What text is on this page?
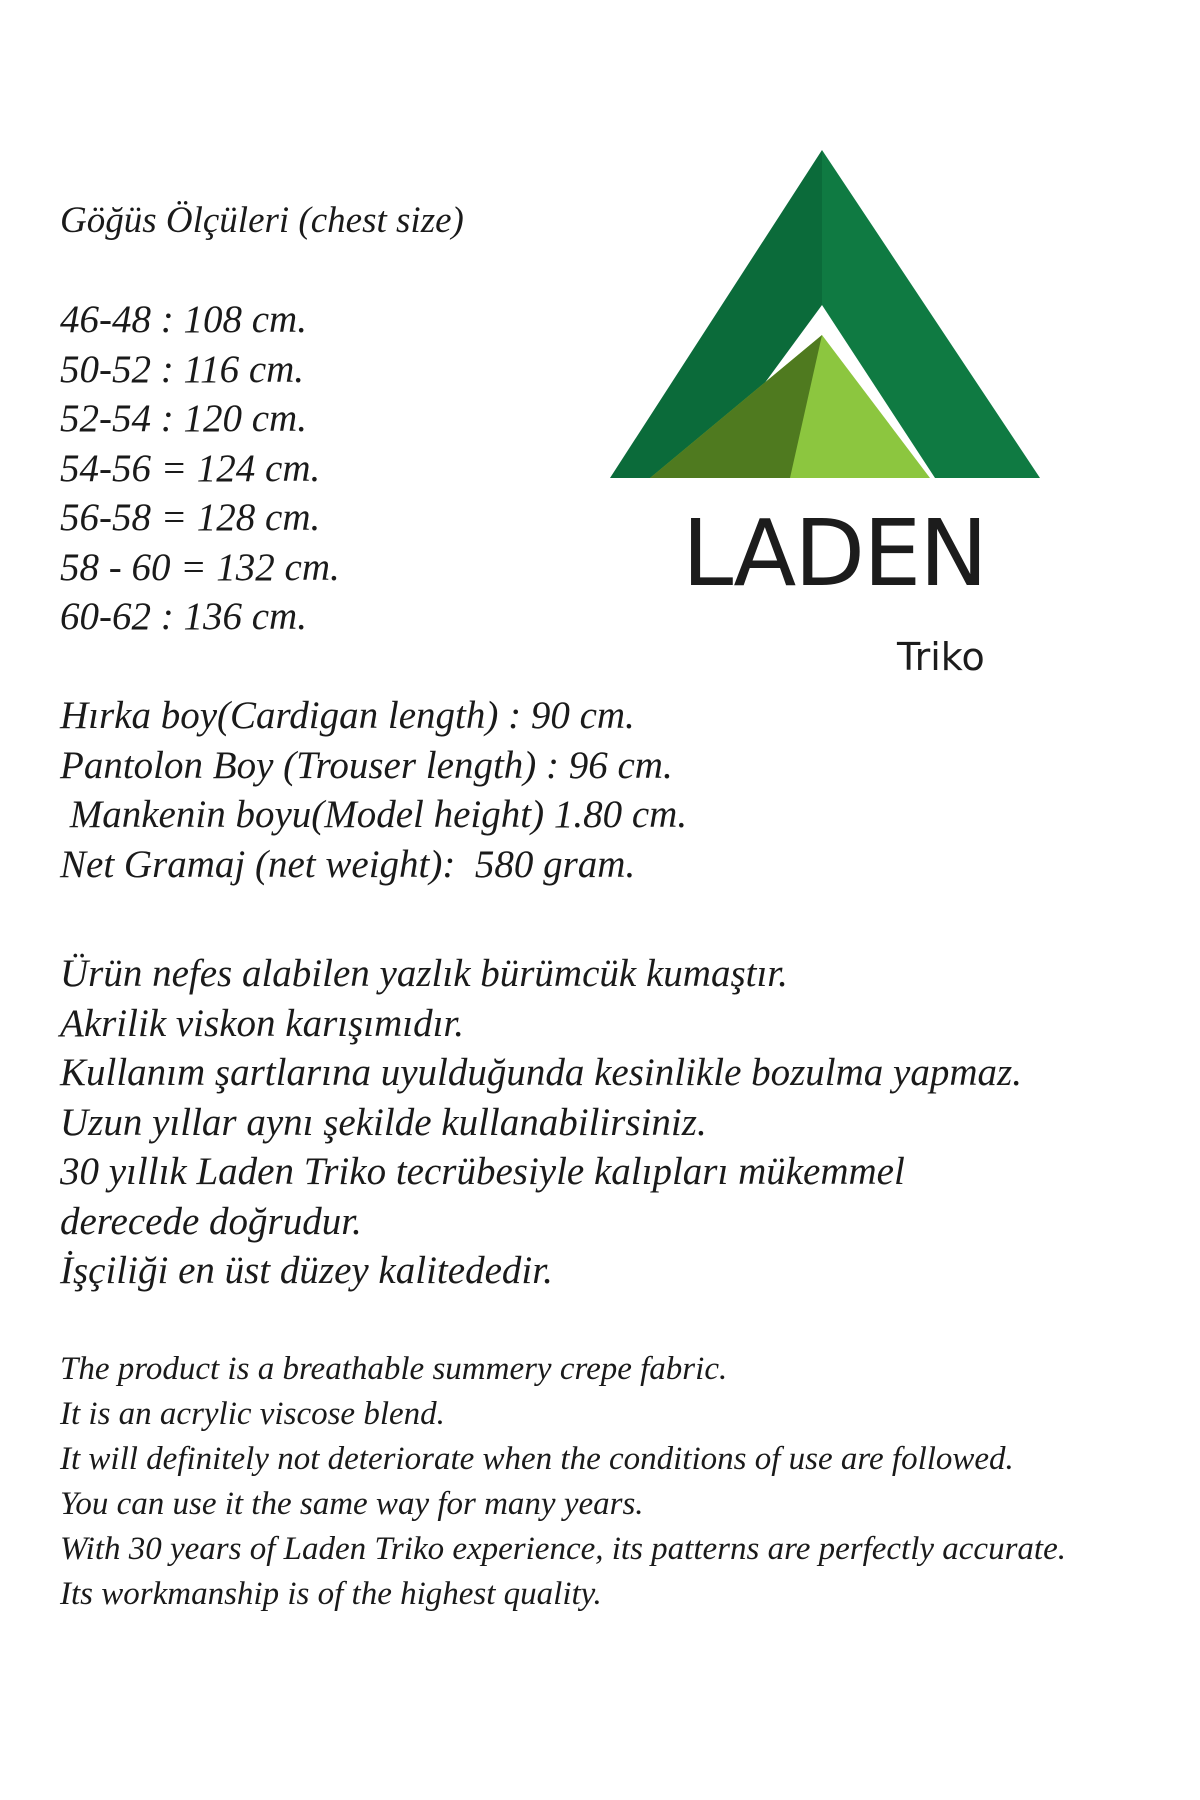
LADEN
Triko
Göğüs Ölçüleri (chest size)
46-48 : 108 cm.
50-52 : 116 cm.
52-54 : 120 cm.
54-56 = 124 cm.
56-58 = 128 cm.
58 - 60 = 132 cm.
60-62 : 136 cm.
Hırka boy(Cardigan length) : 90 cm.
Pantolon Boy (Trouser length) : 96 cm.
Mankenin boyu(Model height) 1.80 cm.
Net Gramaj (net weight):  580 gram.
Ürün nefes alabilen yazlık bürümcük kumaştır.
Akrilik viskon karışımıdır.
Kullanım şartlarına uyulduğunda kesinlikle bozulma yapmaz.
Uzun yıllar aynı şekilde kullanabilirsiniz.
30 yıllık Laden Triko tecrübesiyle kalıpları mükemmel
derecede doğrudur.
İşçiliği en üst düzey kalitededir.
The product is a breathable summery crepe fabric.
It is an acrylic viscose blend.
It will definitely not deteriorate when the conditions of use are followed.
You can use it the same way for many years.
With 30 years of Laden Triko experience, its patterns are perfectly accurate.
Its workmanship is of the highest quality.
